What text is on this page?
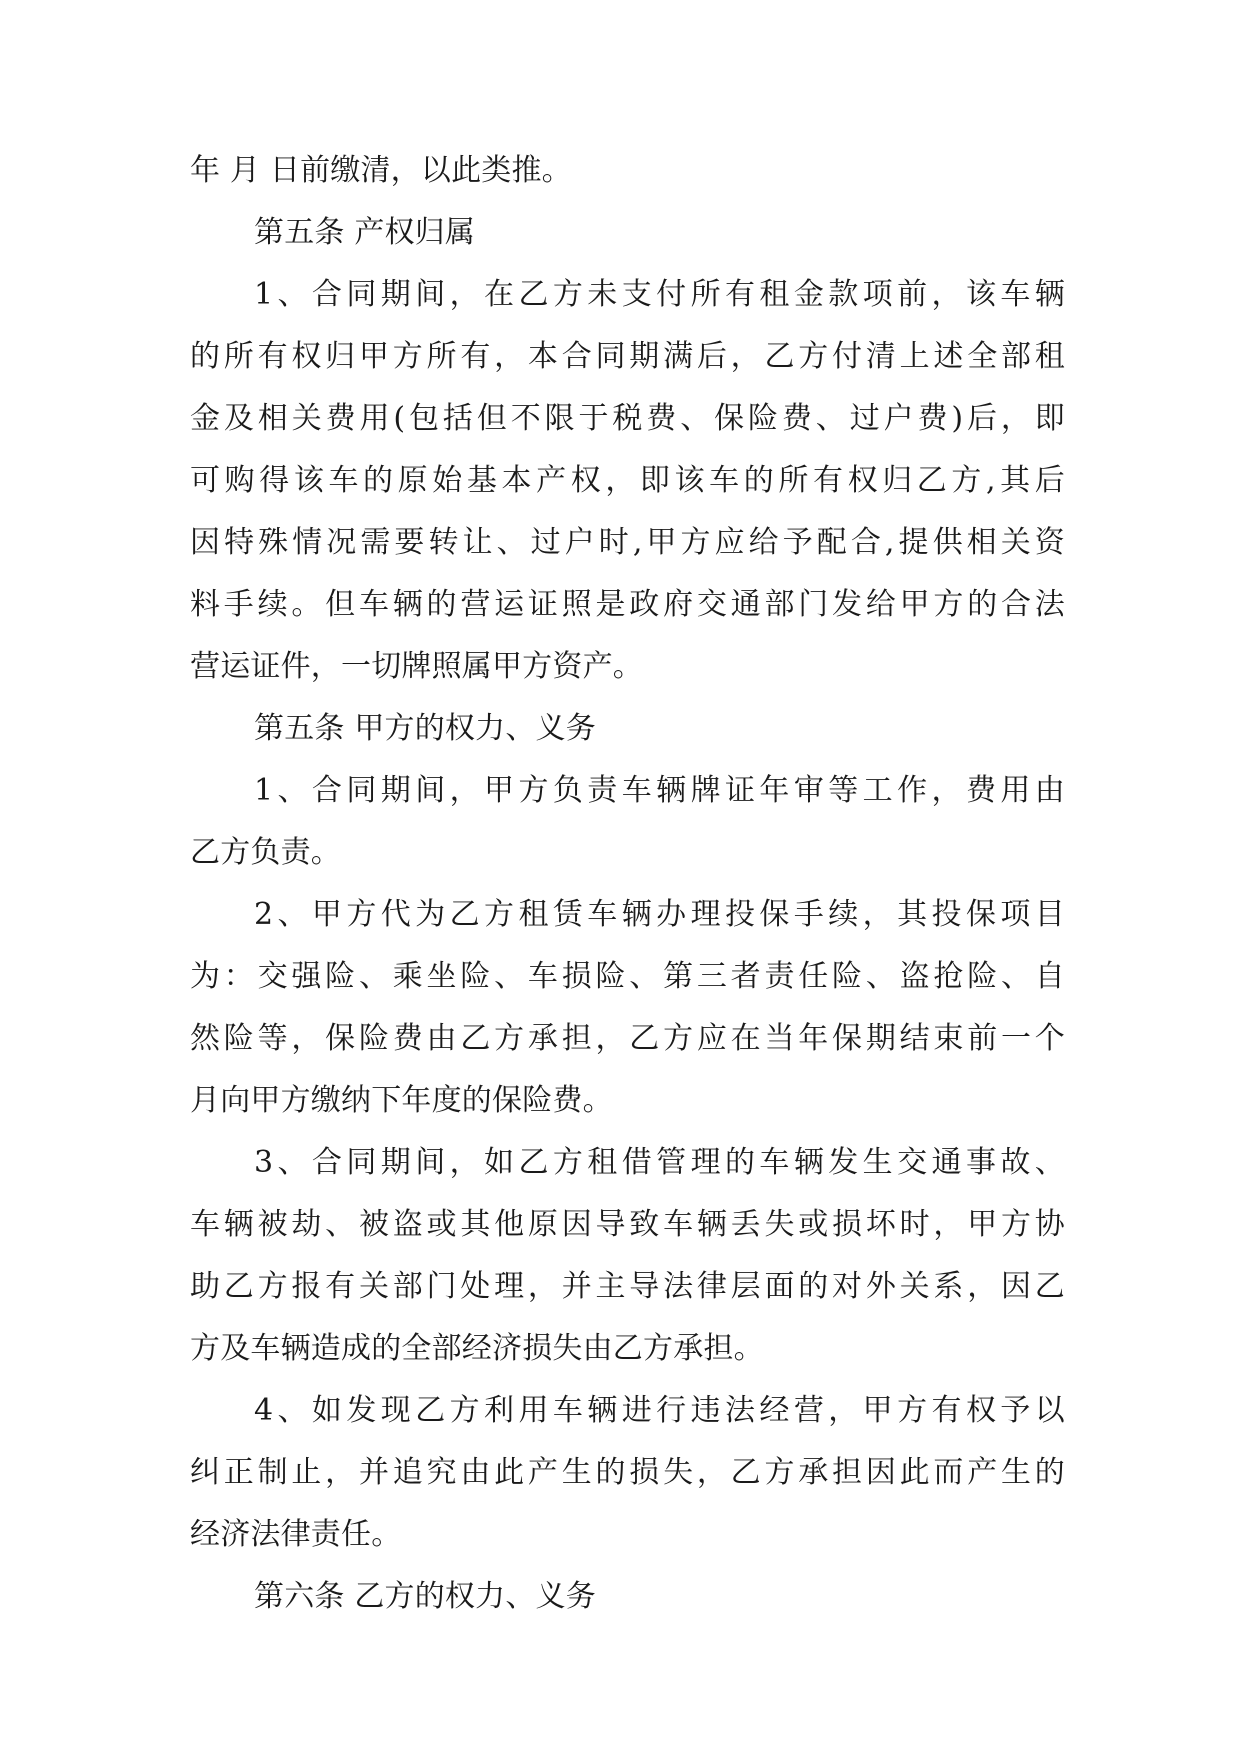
年 月 日前缴清，以此类推。
第五条 产权归属
1、合同期间，在乙方未支付所有租金款项前，该车辆
的所有权归甲方所有，本合同期满后，乙方付清上述全部租
金及相关费用(包括但不限于税费、保险费、过户费)后，即
可购得该车的原始基本产权，即该车的所有权归乙方,其后
因特殊情况需要转让、过户时,甲方应给予配合,提供相关资
料手续。但车辆的营运证照是政府交通部门发给甲方的合法
营运证件，一切牌照属甲方资产。
第五条 甲方的权力、义务
1、合同期间，甲方负责车辆牌证年审等工作，费用由
乙方负责。
2、甲方代为乙方租赁车辆办理投保手续，其投保项目
为：交强险、乘坐险、车损险、第三者责任险、盗抢险、自
然险等，保险费由乙方承担，乙方应在当年保期结束前一个
月向甲方缴纳下年度的保险费。
3、合同期间，如乙方租借管理的车辆发生交通事故、
车辆被劫、被盗或其他原因导致车辆丢失或损坏时，甲方协
助乙方报有关部门处理，并主导法律层面的对外关系，因乙
方及车辆造成的全部经济损失由乙方承担。
4、如发现乙方利用车辆进行违法经营，甲方有权予以
纠正制止，并追究由此产生的损失，乙方承担因此而产生的
经济法律责任。
第六条 乙方的权力、义务
